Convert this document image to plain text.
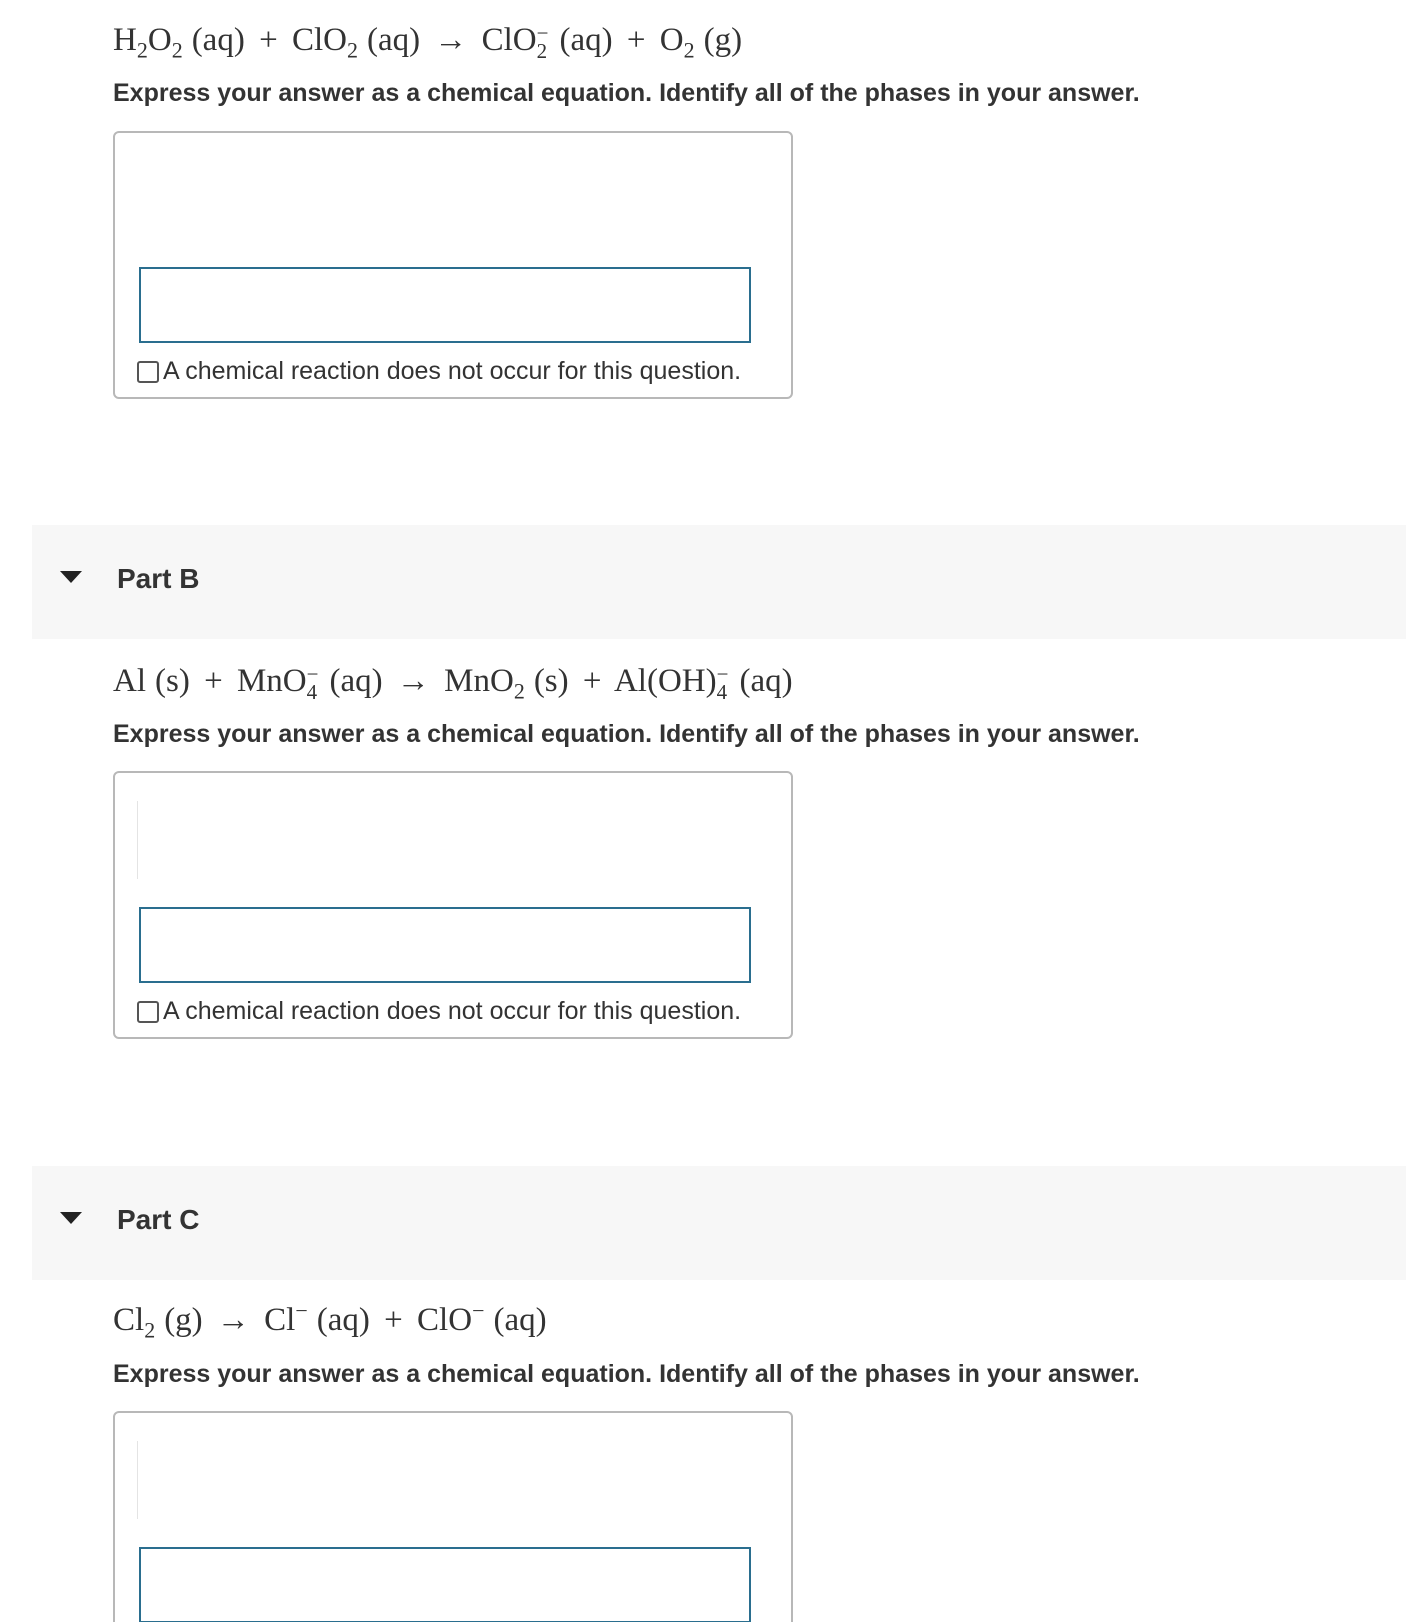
$H_2O_2$ (aq) + ClO$_2$ (aq) → ClO −
2 $(aq) + O_2$ (g)
Express your answer as a chemical equation. Identify all of the phases in your answer.
A chemical reaction does not occur for this question.
Part B
Al (s) + MnO −
4 (aq) → MnO$_2$ (s) + Al(OH) −
4 (aq)
Express your answer as a chemical equation. Identify all of the phases in your answer.
A chemical reaction does not occur for this question.
Part C
$Cl_2$ (g) → Cl− (aq) + ClO− (aq)
Express your answer as a chemical equation. Identify all of the phases in your answer.
